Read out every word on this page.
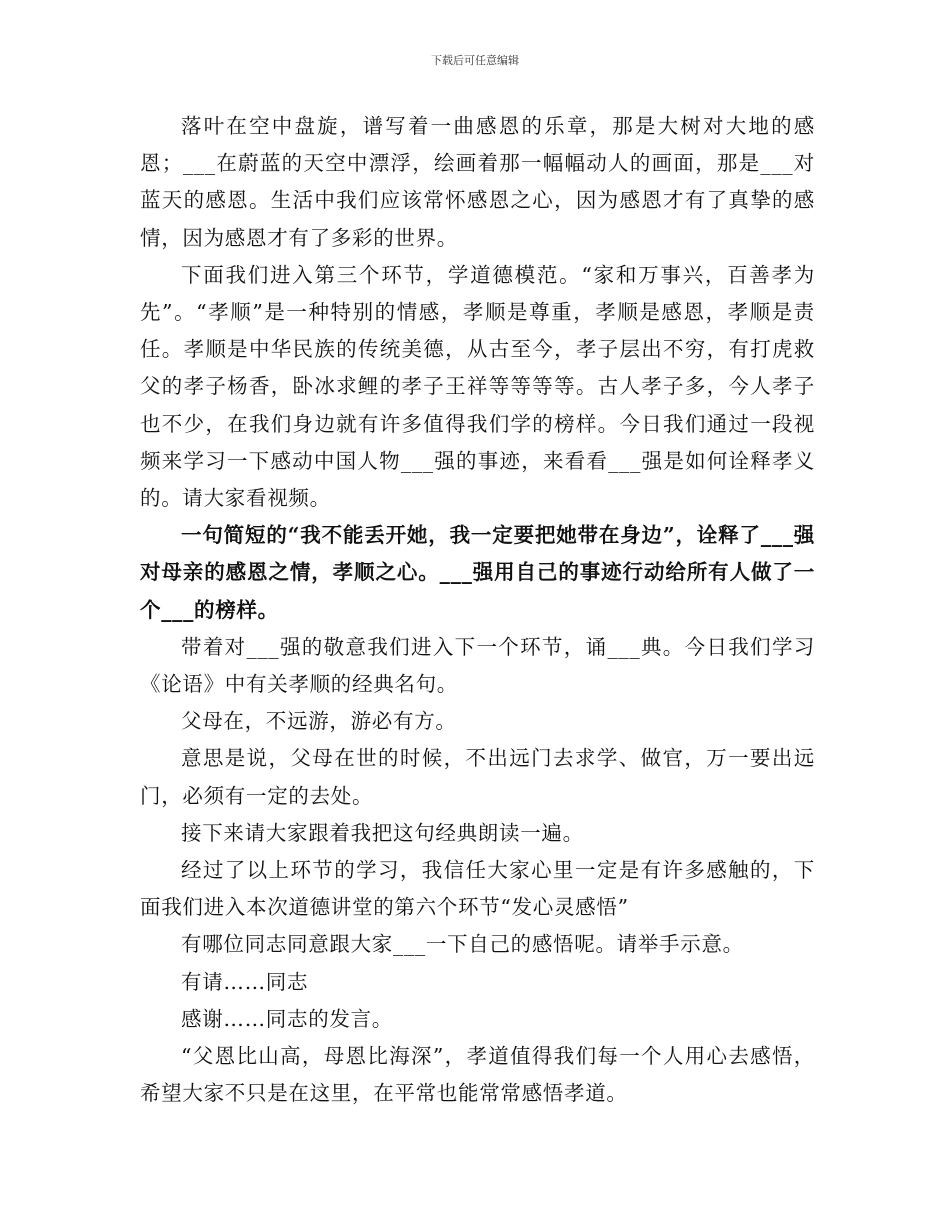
下载后可任意编辑

落叶在空中盘旋，谱写着一曲感恩的乐章，那是大树对大地的感恩；___在蔚蓝的天空中漂浮，绘画着那一幅幅动人的画面，那是___对蓝天的感恩。生活中我们应该常怀感恩之心，因为感恩才有了真挚的感情，因为感恩才有了多彩的世界。

下面我们进入第三个环节，学道德模范。“家和万事兴，百善孝为先”。“孝顺”是一种特别的情感，孝顺是尊重，孝顺是感恩，孝顺是责任。孝顺是中华民族的传统美德，从古至今，孝子层出不穷，有打虎救父的孝子杨香，卧冰求鲤的孝子王祥等等等等。古人孝子多，今人孝子也不少，在我们身边就有许多值得我们学的榜样。今日我们通过一段视频来学习一下感动中国人物___强的事迹，来看看___强是如何诠释孝义的。请大家看视频。

一句简短的“我不能丢开她，我一定要把她带在身边”，诠释了___强对母亲的感恩之情，孝顺之心。___强用自己的事迹行动给所有人做了一个___的榜样。

带着对___强的敬意我们进入下一个环节，诵___典。今日我们学习《论语》中有关孝顺的经典名句。

父母在，不远游，游必有方。

意思是说，父母在世的时候，不出远门去求学、做官，万一要出远门，必须有一定的去处。

接下来请大家跟着我把这句经典朗读一遍。

经过了以上环节的学习，我信任大家心里一定是有许多感触的，下面我们进入本次道德讲堂的第六个环节“发心灵感悟”

有哪位同志同意跟大家___一下自己的感悟呢。请举手示意。

有请……同志

感谢……同志的发言。

“父恩比山高，母恩比海深”，孝道值得我们每一个人用心去感悟，希望大家不只是在这里，在平常也能常常感悟孝道。
